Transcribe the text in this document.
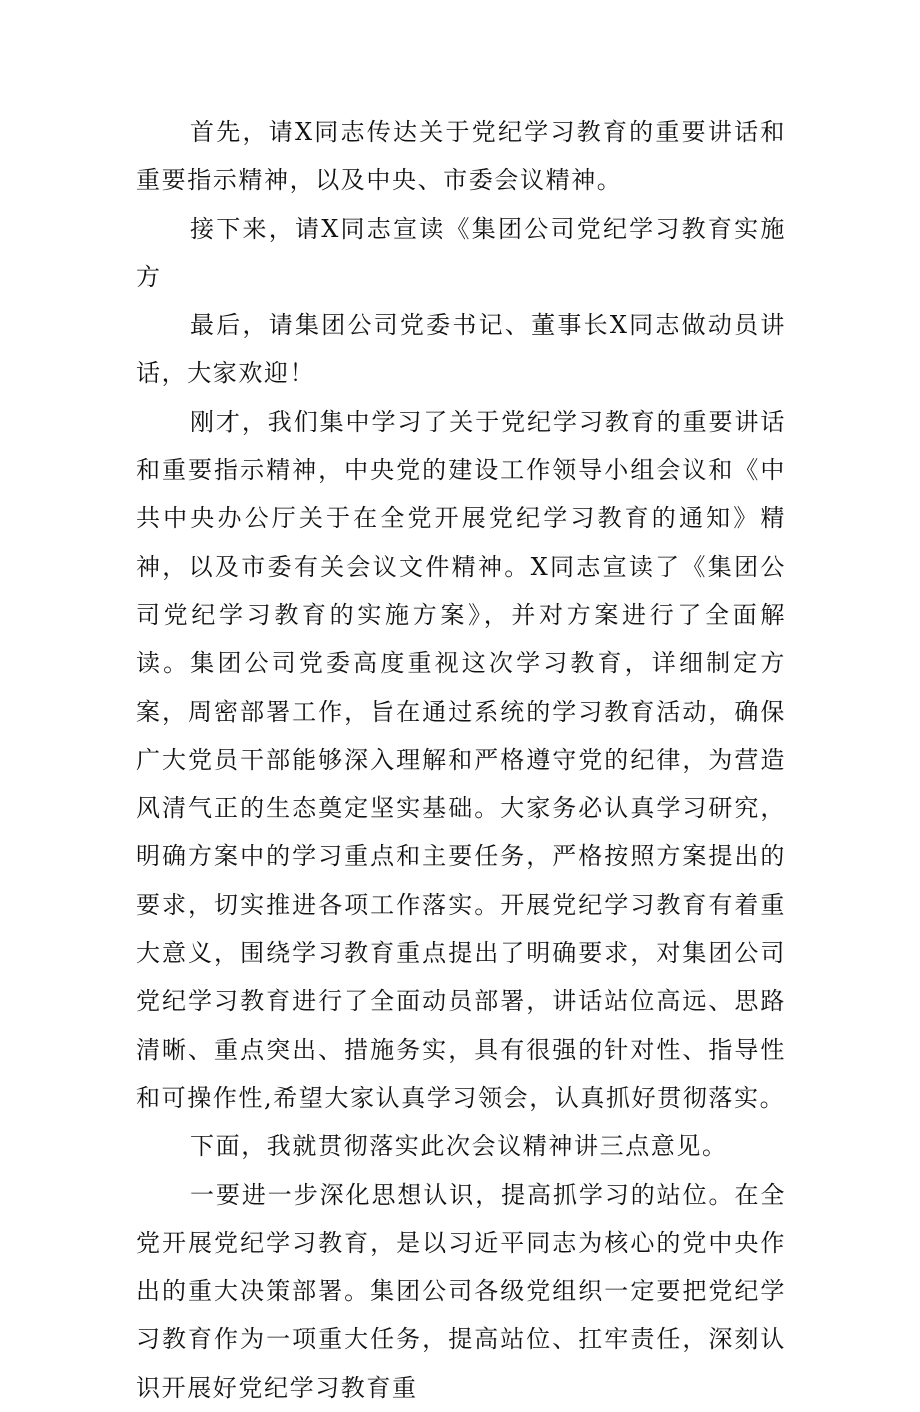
首先，请X同志传达关于党纪学习教育的重要讲话和重要指示精神，以及中央、市委会议精神。

接下来，请X同志宣读《集团公司党纪学习教育实施方

最后，请集团公司党委书记、董事长X同志做动员讲话，大家欢迎！

刚才，我们集中学习了关于党纪学习教育的重要讲话和重要指示精神，中央党的建设工作领导小组会议和《中共中央办公厅关于在全党开展党纪学习教育的通知》精神，以及市委有关会议文件精神。X同志宣读了《集团公司党纪学习教育的实施方案》，并对方案进行了全面解读。集团公司党委高度重视这次学习教育，详细制定方案，周密部署工作，旨在通过系统的学习教育活动，确保广大党员干部能够深入理解和严格遵守党的纪律，为营造风清气正的生态奠定坚实基础。大家务必认真学习研究，明确方案中的学习重点和主要任务，严格按照方案提出的要求，切实推进各项工作落实。开展党纪学习教育有着重大意义，围绕学习教育重点提出了明确要求，对集团公司党纪学习教育进行了全面动员部署，讲话站位高远、思路清晰、重点突出、措施务实，具有很强的针对性、指导性和可操作性,希望大家认真学习领会，认真抓好贯彻落实。

下面，我就贯彻落实此次会议精神讲三点意见。

一要进一步深化思想认识，提高抓学习的站位。在全党开展党纪学习教育，是以习近平同志为核心的党中央作出的重大决策部署。集团公司各级党组织一定要把党纪学习教育作为一项重大任务，提高站位、扛牢责任，深刻认识开展好党纪学习教育重
